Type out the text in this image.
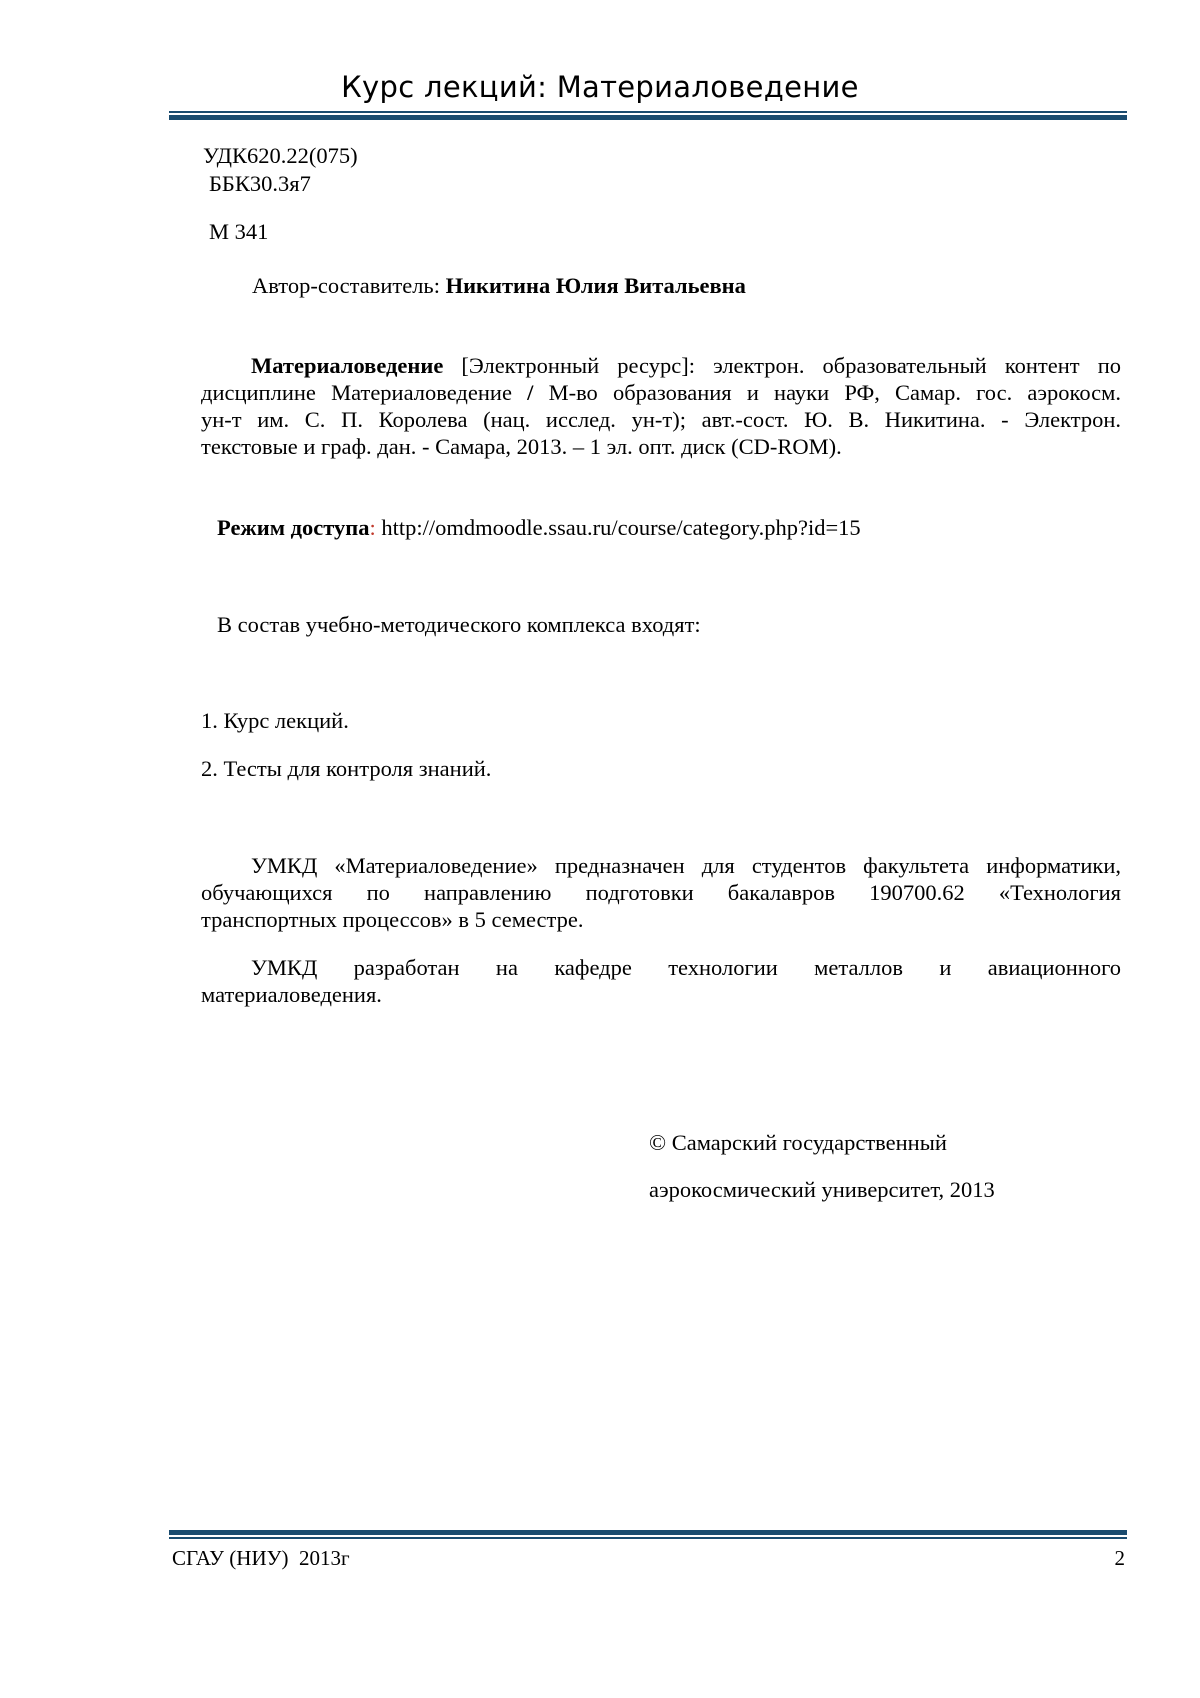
Курс лекций: Материаловедение
УДК620.22(075)
ББК30.3я7
М 341
Автор-составитель: Никитина Юлия Витальевна
Материаловедение [Электронный ресурс]: электрон. образовательный контент по
дисциплине Материаловедение / М-во образования и науки РФ, Самар. гос. аэрокосм.
ун-т им. С. П. Королева (нац. исслед. ун-т); авт.-сост. Ю. В. Никитина. - Электрон.
текстовые и граф. дан. - Самара, 2013. – 1 эл. опт. диск (CD-ROM).
Режим доступа: http://omdmoodle.ssau.ru/course/category.php?id=15
В состав учебно-методического комплекса входят:
1. Курс лекций.
2. Тесты для контроля знаний.
УМКД «Материаловедение» предназначен для студентов факультета информатики,
обучающихся по направлению подготовки бакалавров 190700.62 «Технология
транспортных процессов» в 5 семестре.
УМКД разработан на кафедре технологии металлов и авиационного
материаловедения.
© Самарский государственный
аэрокосмический университет, 2013
СГАУ (НИУ)  2013г	2
